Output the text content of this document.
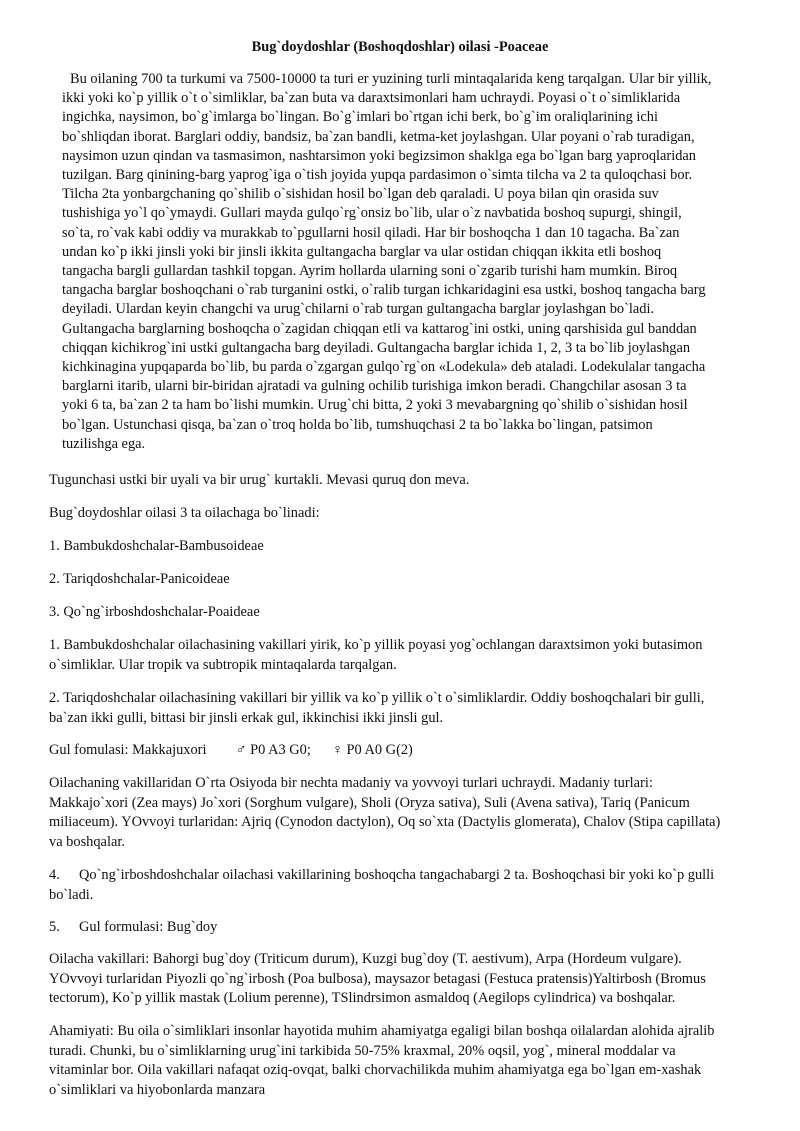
Bug`doydoshlar (Boshoqdoshlar) oilasi -Poaceae
Bu oilaning 700 ta turkumi va 7500-10000 ta turi er yuzining turli mintaqalarida keng tarqalgan. Ular bir yillik, ikki yoki ko`p yillik o`t o`simliklar, ba`zan buta va daraxtsimonlari ham uchraydi. Poyasi o`t o`simliklarida ingichka, naysimon, bo`g`imlarga bo`lingan. Bo`g`imlari bo`rtgan ichi berk, bo`g`im oraliqlarining ichi bo`shliqdan iborat. Barglari oddiy, bandsiz, ba`zan bandli, ketma-ket joylashgan. Ular poyani o`rab turadigan, naysimon uzun qindan va tasmasimon, nashtarsimon yoki begizsimon shaklga ega bo`lgan barg yaproqlaridan tuzilgan. Barg qinining-barg yaprog`iga o`tish joyida yupqa pardasimon o`simta tilcha va 2 ta quloqchasi bor. Tilcha 2ta yonbargchaning qo`shilib o`sishidan hosil bo`lgan deb qaraladi. U poya bilan qin orasida suv tushishiga yo`l qo`ymaydi. Gullari mayda gulqo`rg`onsiz bo`lib, ular o`z navbatida boshoq supurgi, shingil, so`ta, ro`vak kabi oddiy va murakkab to`pgullarni hosil qiladi. Har bir boshoqcha 1 dan 10 tagacha. Ba`zan undan ko`p ikki jinsli yoki bir jinsli ikkita gultangacha barglar va ular ostidan chiqqan ikkita etli boshoq tangacha bargli gullardan tashkil topgan. Ayrim hollarda ularning soni o`zgarib turishi ham mumkin. Biroq tangacha barglar boshoqchani o`rab turganini ostki, o`ralib turgan ichkaridagini esa ustki, boshoq tangacha barg deyiladi. Ulardan keyin changchi va urug`chilarni o`rab turgan gultangacha barglar joylashgan bo`ladi. Gultangacha barglarning boshoqcha o`zagidan chiqqan etli va kattarog`ini ostki, uning qarshisida gul banddan chiqqan kichikrog`ini ustki gultangacha barg deyiladi. Gultangacha barglar ichida 1, 2, 3 ta bo`lib joylashgan kichkinagina yupqaparda bo`lib, bu parda o`zgargan gulqo`rg`on «Lodekula» deb ataladi. Lodekulalar tangacha barglarni itarib, ularni bir-biridan ajratadi va gulning ochilib turishiga imkon beradi. Changchilar asosan 3 ta yoki 6 ta, ba`zan 2 ta ham bo`lishi mumkin. Urug`chi bitta, 2 yoki 3 mevabargning qo`shilib o`sishidan hosil bo`lgan. Ustunchasi qisqa, ba`zan o`troq holda bo`lib, tumshuqchasi 2 ta bo`lakka bo`lingan, patsimon tuzilishga ega.

Tugunchasi ustki bir uyali va bir urug` kurtakli. Mevasi quruq don meva.

Bug`doydoshlar oilasi 3 ta oilachaga bo`linadi:

1. Bambukdoshchalar-Bambusoideae

2. Tariqdoshchalar-Panicoideae

3. Qo`ng`irboshdoshchalar-Poaideae

1. Bambukdoshchalar oilachasining vakillari yirik, ko`p yillik poyasi yog`ochlangan daraxtsimon yoki butasimon o`simliklar. Ular tropik va subtropik mintaqalarda tarqalgan.

2. Tariqdoshchalar oilachasining vakillari bir yillik va ko`p yillik o`t o`simliklardir. Oddiy boshoqchalari bir gulli, ba`zan ikki gulli, bittasi bir jinsli erkak gul, ikkinchisi ikki jinsli gul.

Gul fomulasi: Makkajuxori ♂ P0 A3 G0; ♀ P0 A0 G(2)

Oilachaning vakillaridan O`rta Osiyoda bir nechta madaniy va yovvoyi turlari uchraydi. Madaniy turlari: Makkajo`xori (Zea mays) Jo`xori (Sorghum vulgare), Sholi (Oryza sativa), Suli (Avena sativa), Tariq (Panicum miliaceum). YOvvoyi turlaridan: Ajriq (Cynodon dactylon), Oq so`xta (Dactylis glomerata), Chalov (Stipa capillata) va boshqalar.

4. Qo`ng`irboshdoshchalar oilachasi vakillarining boshoqcha tangachabargi 2 ta. Boshoqchasi bir yoki ko`p gulli bo`ladi.

5. Gul formulasi: Bug`doy

Oilacha vakillari: Bahorgi bug`doy (Triticum durum), Kuzgi bug`doy (T. aestivum), Arpa (Hordeum vulgare). YOvvoyi turlaridan Piyozli qo`ng`irbosh (Poa bulbosa), maysazor betagasi (Festuca pratensis)Yaltirbosh (Bromus tectorum), Ko`p yillik mastak (Lolium perenne), TSlindrsimon asmaldoq (Aegilops cylindrica) va boshqalar.

Ahamiyati: Bu oila o`simliklari insonlar hayotida muhim ahamiyatga egaligi bilan boshqa oilalardan alohida ajralib turadi. Chunki, bu o`simliklarning urug`ini tarkibida 50-75% kraxmal, 20% oqsil, yog`, mineral moddalar va vitaminlar bor. Oila vakillari nafaqat oziq-ovqat, balki chorvachilikda muhim ahamiyatga ega bo`lgan em-xashak o`simliklari va hiyobonlarda manzara
